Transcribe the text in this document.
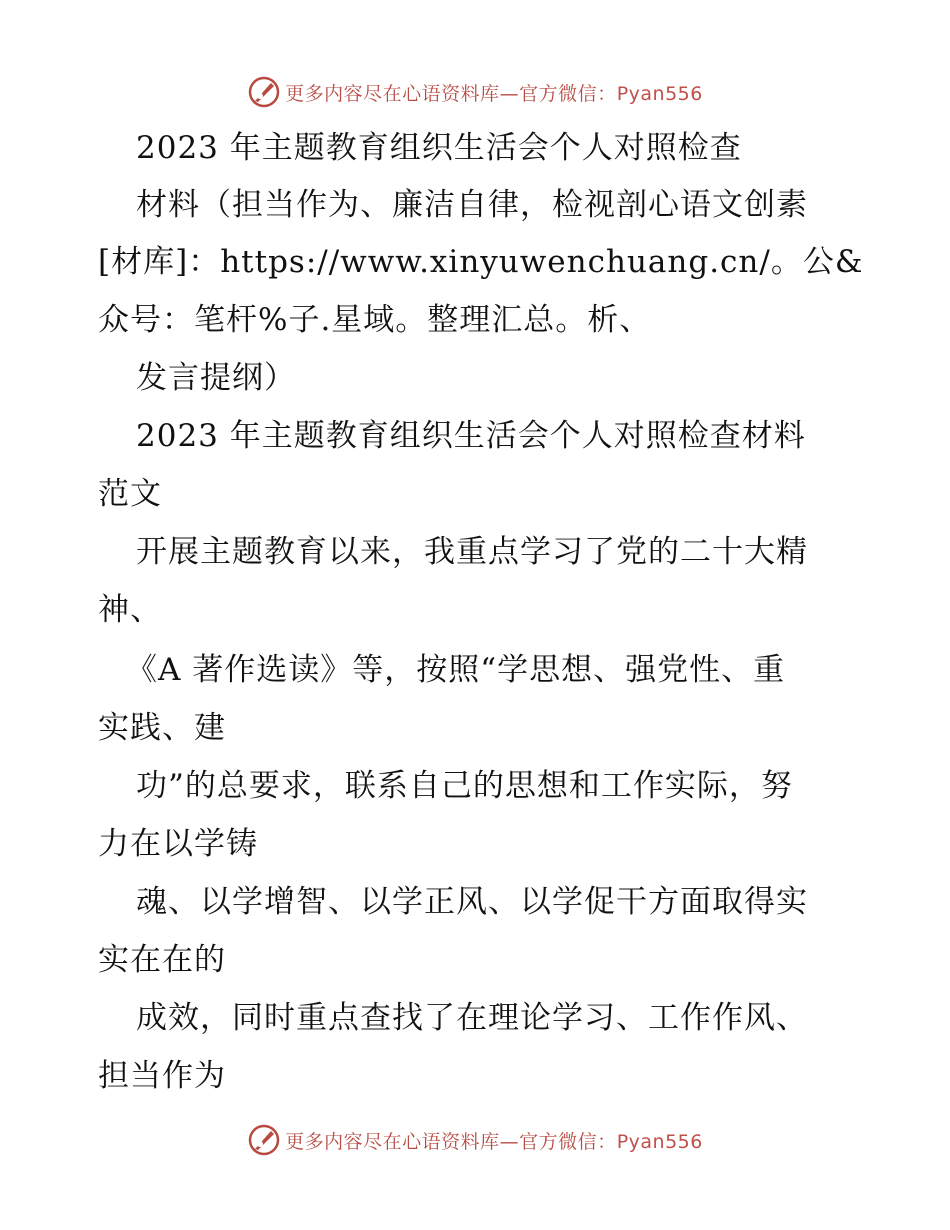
更多内容尽在心语资料库—官方微信：Pyan556
2023 年主题教育组织生活会个人对照检查
材料（担当作为、廉洁自律，检视剖心语文创素
[材库]：https://www.xinyuwenchuang.cn/。公&
众号：笔杆%子.星域。整理汇总。析、
发言提纲）
2023 年主题教育组织生活会个人对照检查材料
范文
开展主题教育以来，我重点学习了党的二十大精
神、
《A 著作选读》等，按照“学思想、强党性、重
实践、建
功”的总要求，联系自己的思想和工作实际，努
力在以学铸
魂、以学增智、以学正风、以学促干方面取得实
实在在的
成效，同时重点查找了在理论学习、工作作风、
担当作为
更多内容尽在心语资料库—官方微信：Pyan556
